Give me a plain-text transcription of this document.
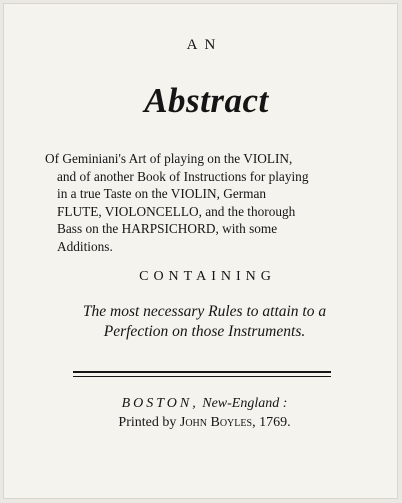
AN
Abstract
Of Geminiani's Art of playing on the VIOLIN,
and of another Book of Instructions for playing
in a true Taste on the VIOLIN, German
FLUTE, VIOLONCELLO, and the thorough
Bass on the HARPSICHORD, with some
Additions.
CONTAINING
The most necessary Rules to attain to a
Perfection on those Instruments.
BOSTON, New-England :
Printed by John Boyles, 1769.
